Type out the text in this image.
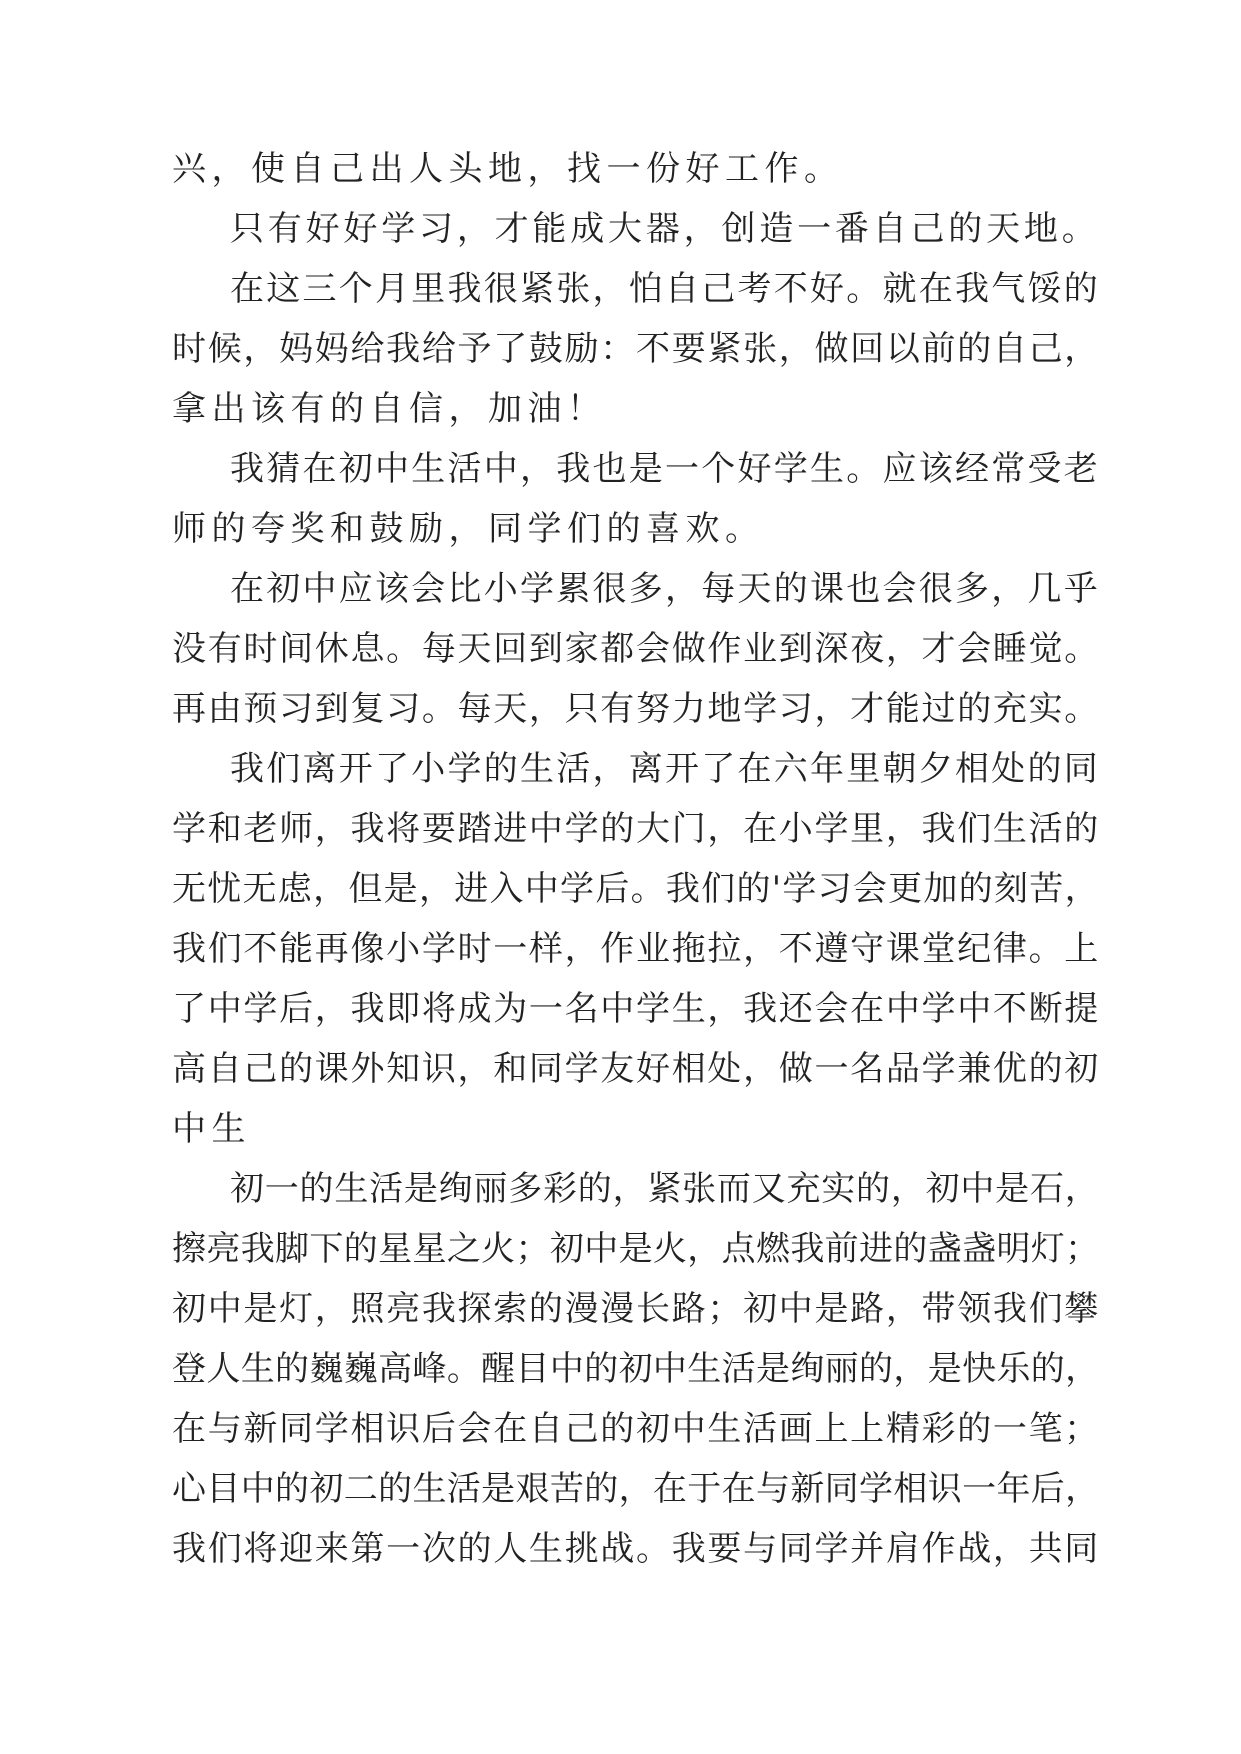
兴，使自己出人头地，找一份好工作。
只有好好学习，才能成大器，创造一番自己的天地。
在这三个月里我很紧张，怕自己考不好。就在我气馁的
时候，妈妈给我给予了鼓励：不要紧张，做回以前的自己，
拿出该有的自信，加油！
我猜在初中生活中，我也是一个好学生。应该经常受老
师的夸奖和鼓励，同学们的喜欢。
在初中应该会比小学累很多，每天的课也会很多，几乎
没有时间休息。每天回到家都会做作业到深夜，才会睡觉。
再由预习到复习。每天，只有努力地学习，才能过的充实。
我们离开了小学的生活，离开了在六年里朝夕相处的同
学和老师，我将要踏进中学的大门，在小学里，我们生活的
无忧无虑，但是，进入中学后。我们的'学习会更加的刻苦，
我们不能再像小学时一样，作业拖拉，不遵守课堂纪律。上
了中学后，我即将成为一名中学生，我还会在中学中不断提
高自己的课外知识，和同学友好相处，做一名品学兼优的初
中生
初一的生活是绚丽多彩的，紧张而又充实的，初中是石，
擦亮我脚下的星星之火；初中是火，点燃我前进的盏盏明灯；
初中是灯，照亮我探索的漫漫长路；初中是路，带领我们攀
登人生的巍巍高峰。醒目中的初中生活是绚丽的，是快乐的，
在与新同学相识后会在自己的初中生活画上上精彩的一笔；
心目中的初二的生活是艰苦的，在于在与新同学相识一年后，
我们将迎来第一次的人生挑战。我要与同学并肩作战，共同
